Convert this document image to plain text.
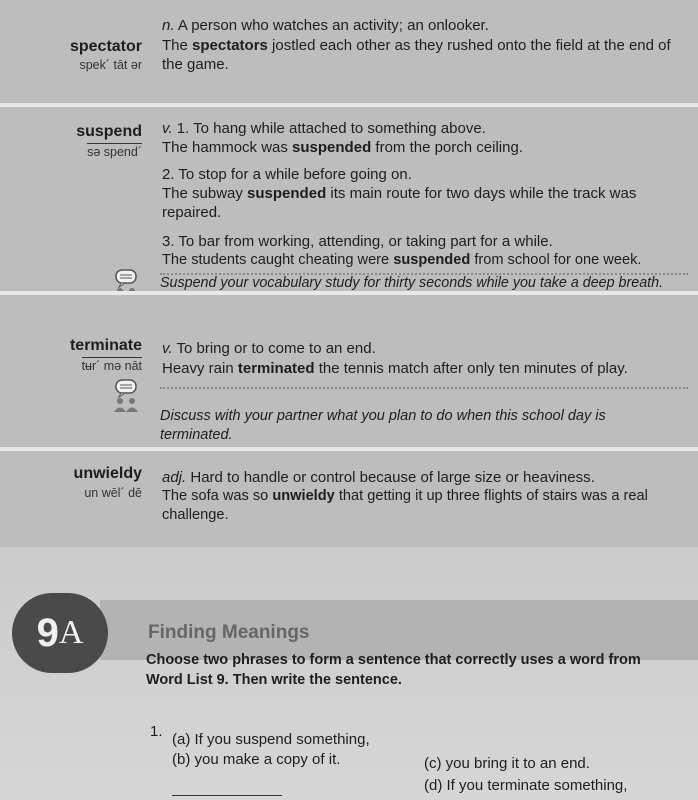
spectator
spek´ tāt ər
n. A person who watches an activity; an onlooker.
The spectators jostled each other as they rushed onto the field at the end of the game.
suspend
sə spend´
v. 1. To hang while attached to something above.
The hammock was suspended from the porch ceiling.
2. To stop for a while before going on.
The subway suspended its main route for two days while the track was repaired.
3. To bar from working, attending, or taking part for a while.
The students caught cheating were suspended from school for one week.
Suspend your vocabulary study for thirty seconds while you take a deep breath.
terminate
tʉr´ mə nāt
v. To bring or to come to an end.
Heavy rain terminated the tennis match after only ten minutes of play.
Discuss with your partner what you plan to do when this school day is terminated.
unwieldy
un wēl´ dē
adj. Hard to handle or control because of large size or heaviness.
The sofa was so unwieldy that getting it up three flights of stairs was a real challenge.
9 A	Finding Meanings
Choose two phrases to form a sentence that correctly uses a word from Word List 9. Then write the sentence.
1. (a) If you suspend something,
(b) you make a copy of it.	(c) you bring it to an end.
(d) If you terminate something,
